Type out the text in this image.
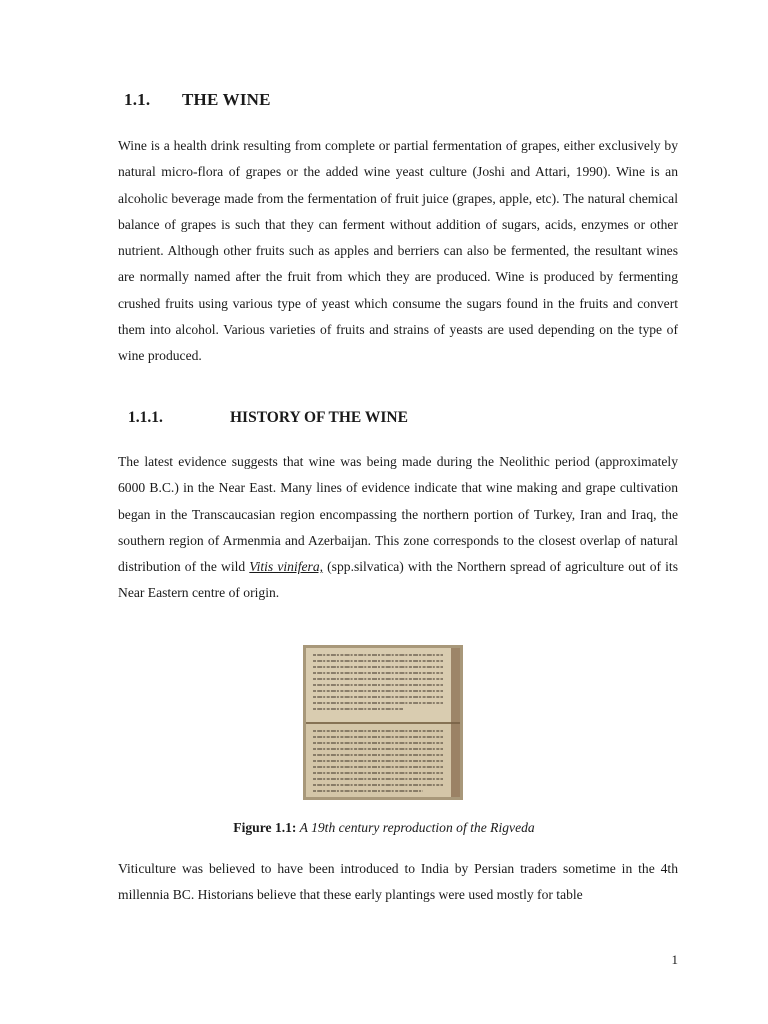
1.1. THE WINE

Wine is a health drink resulting from complete or partial fermentation of grapes, either exclusively by natural micro-flora of grapes or the added wine yeast culture (Joshi and Attari, 1990). Wine is an alcoholic beverage made from the fermentation of fruit juice (grapes, apple, etc). The natural chemical balance of grapes is such that they can ferment without addition of sugars, acids, enzymes or other nutrient. Although other fruits such as apples and berriers can also be fermented, the resultant wines are normally named after the fruit from which they are produced. Wine is produced by fermenting crushed fruits using various type of yeast which consume the sugars found in the fruits and convert them into alcohol. Various varieties of fruits and strains of yeasts are used depending on the type of wine produced.

1.1.1.	HISTORY OF THE WINE

The latest evidence suggests that wine was being made during the Neolithic period (approximately 6000 B.C.) in the Near East. Many lines of evidence indicate that wine making and grape cultivation began in the Transcaucasian region encompassing the northern portion of Turkey, Iran and Iraq, the southern region of Armenmia and Azerbaijan. This zone corresponds to the closest overlap of natural distribution of the wild Vitis vinifera, (spp.silvatica) with the Northern spread of agriculture out of its Near Eastern centre of origin.

Figure 1.1: A 19th century reproduction of the Rigveda

Viticulture was believed to have been introduced to India by Persian traders sometime in the 4th millennia BC. Historians believe that these early plantings were used mostly for table

1
